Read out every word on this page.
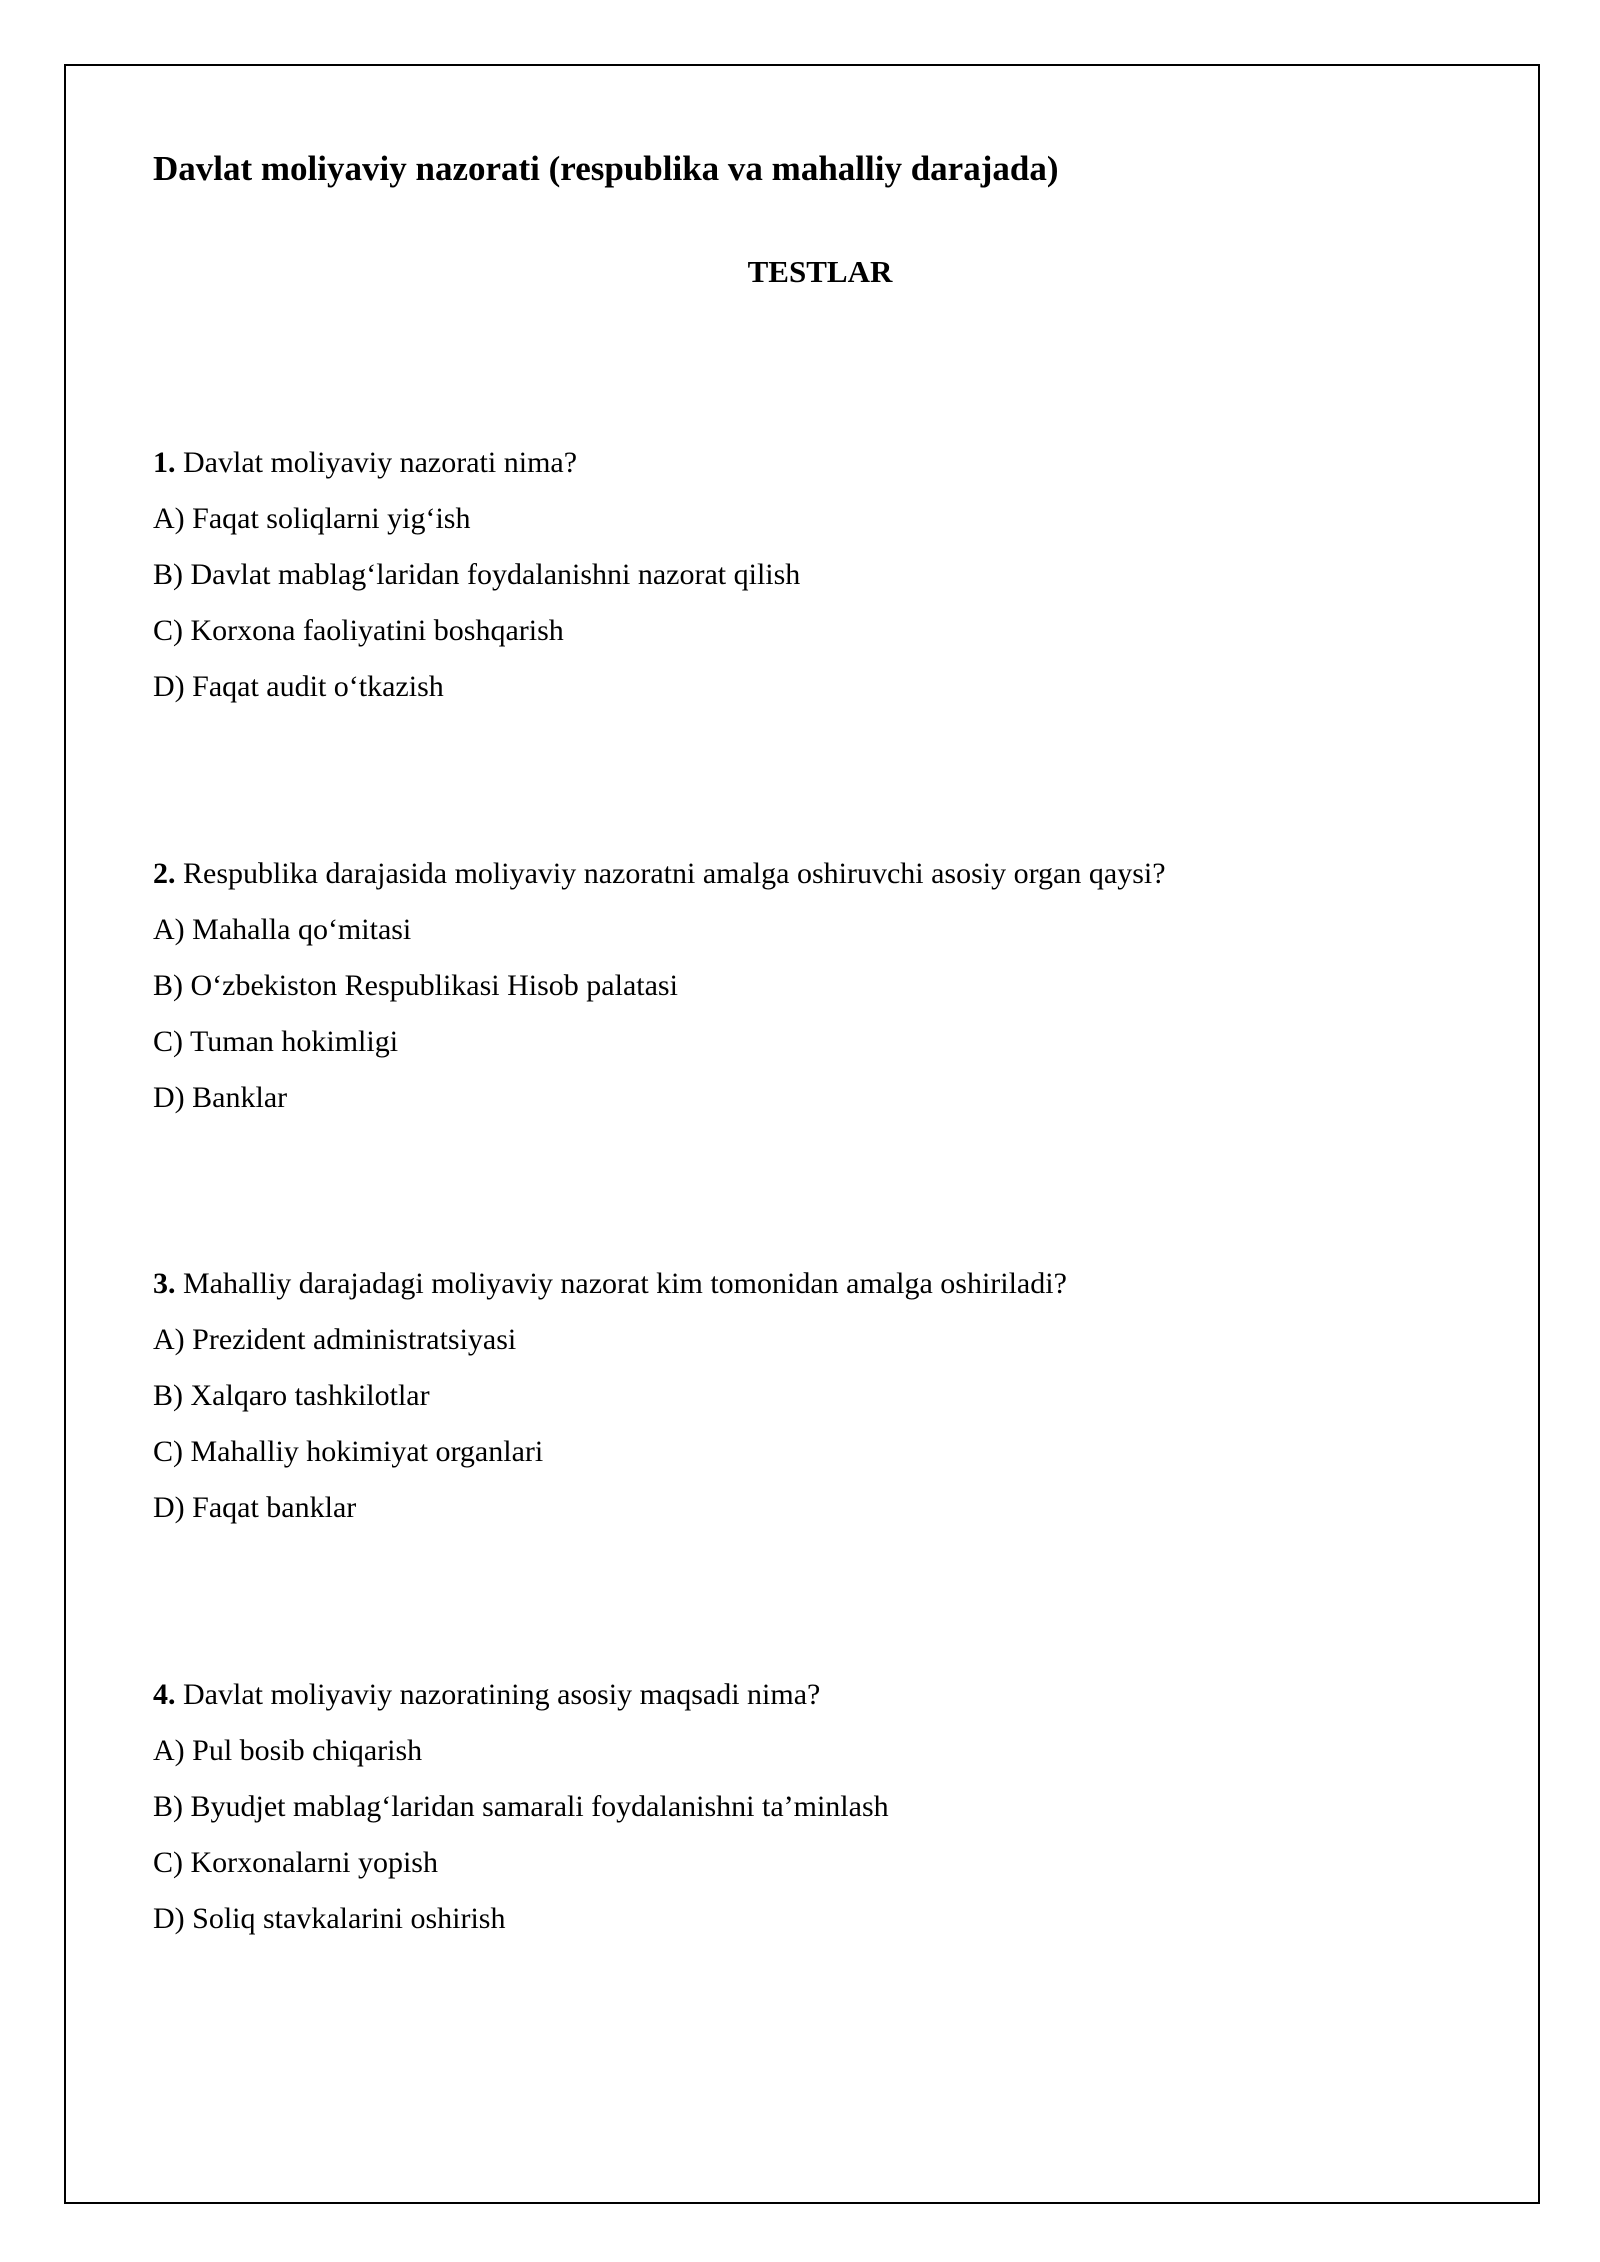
Davlat moliyaviy nazorati (respublika va mahalliy darajada)
TESTLAR
1. Davlat moliyaviy nazorati nima?
A) Faqat soliqlarni yig‘ish
B) Davlat mablag‘laridan foydalanishni nazorat qilish
C) Korxona faoliyatini boshqarish
D) Faqat audit o‘tkazish
2. Respublika darajasida moliyaviy nazoratni amalga oshiruvchi asosiy organ qaysi?
A) Mahalla qo‘mitasi
B) O‘zbekiston Respublikasi Hisob palatasi
C) Tuman hokimligi
D) Banklar
3. Mahalliy darajadagi moliyaviy nazorat kim tomonidan amalga oshiriladi?
A) Prezident administratsiyasi
B) Xalqaro tashkilotlar
C) Mahalliy hokimiyat organlari
D) Faqat banklar
4. Davlat moliyaviy nazoratining asosiy maqsadi nima?
A) Pul bosib chiqarish
B) Byudjet mablag‘laridan samarali foydalanishni ta’minlash
C) Korxonalarni yopish
D) Soliq stavkalarini oshirish
